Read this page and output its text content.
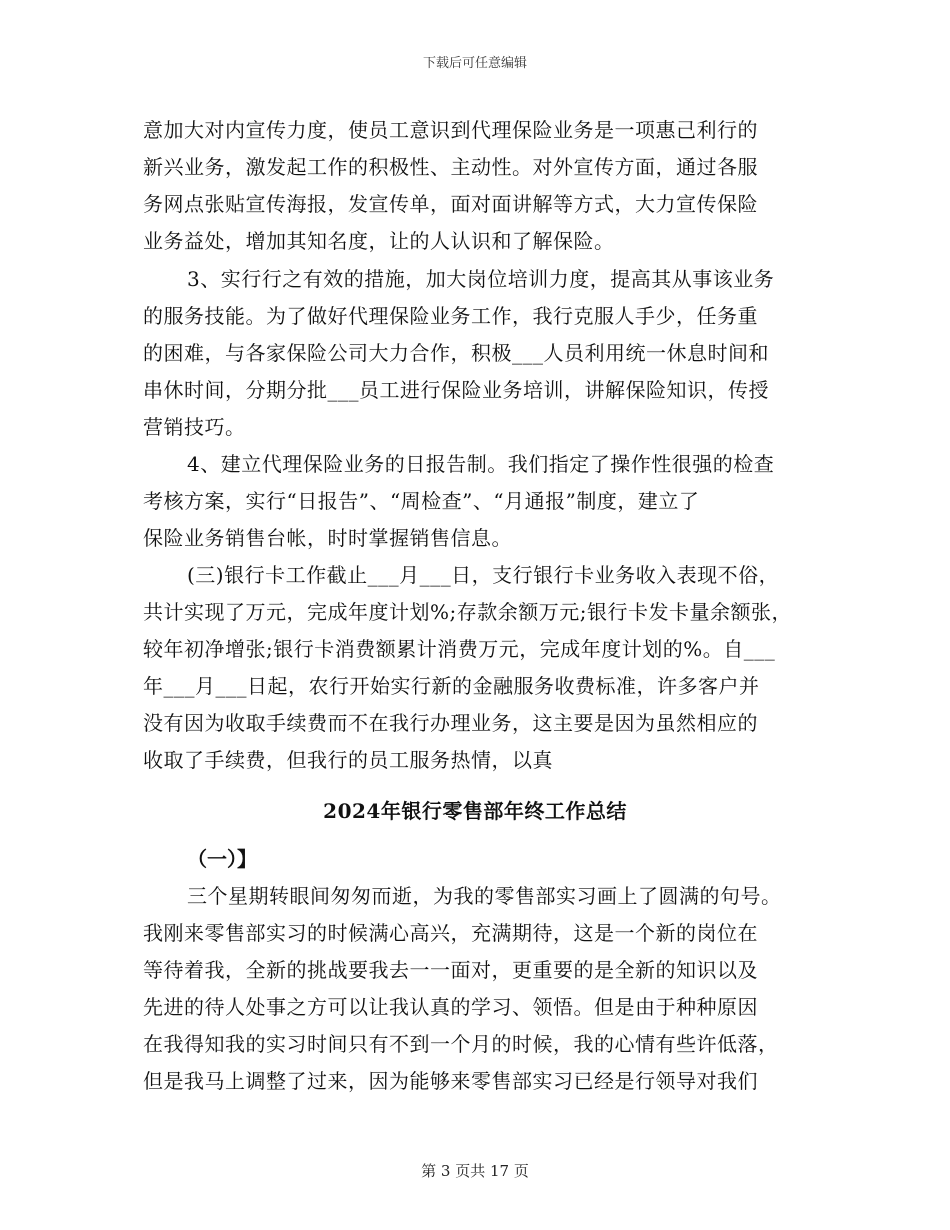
下载后可任意编辑
意加大对内宣传力度，使员工意识到代理保险业务是一项惠己利行的
新兴业务，激发起工作的积极性、主动性。对外宣传方面，通过各服
务网点张贴宣传海报，发宣传单，面对面讲解等方式，大力宣传保险
业务益处，增加其知名度，让的人认识和了解保险。
3、实行行之有效的措施，加大岗位培训力度，提高其从事该业务
的服务技能。为了做好代理保险业务工作，我行克服人手少，任务重
的困难，与各家保险公司大力合作，积极___人员利用统一休息时间和
串休时间，分期分批___员工进行保险业务培训，讲解保险知识，传授
营销技巧。
4、建立代理保险业务的日报告制。我们指定了操作性很强的检查
考核方案，实行“日报告”、“周检查”、“月通报”制度，建立了
保险业务销售台帐，时时掌握销售信息。
(三)银行卡工作截止___月___日，支行银行卡业务收入表现不俗，
共计实现了万元，完成年度计划%;存款余额万元;银行卡发卡量余额张，
较年初净增张;银行卡消费额累计消费万元，完成年度计划的%。自___
年___月___日起，农行开始实行新的金融服务收费标准，许多客户并
没有因为收取手续费而不在我行办理业务，这主要是因为虽然相应的
收取了手续费，但我行的员工服务热情，以真
2024年银行零售部年终工作总结
（一）】
三个星期转眼间匆匆而逝，为我的零售部实习画上了圆满的句号。
我刚来零售部实习的时候满心高兴，充满期待，这是一个新的岗位在
等待着我，全新的挑战要我去一一面对，更重要的是全新的知识以及
先进的待人处事之方可以让我认真的学习、领悟。但是由于种种原因
在我得知我的实习时间只有不到一个月的时候，我的心情有些许低落，
但是我马上调整了过来，因为能够来零售部实习已经是行领导对我们
第 3 页共 17 页
